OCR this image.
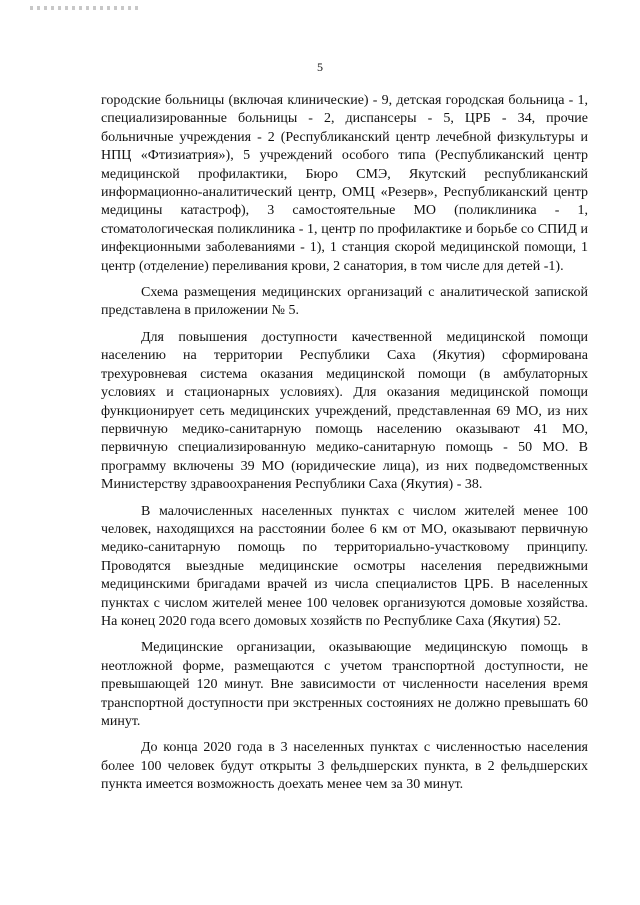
5

городские больницы (включая клинические) - 9, детская городская больница - 1, специализированные больницы - 2, диспансеры - 5, ЦРБ - 34, прочие больничные учреждения - 2 (Республиканский центр лечебной физкультуры и НПЦ «Фтизиатрия»), 5 учреждений особого типа (Республиканский центр медицинской профилактики, Бюро СМЭ, Якутский республиканский информационно-аналитический центр, ОМЦ «Резерв», Республиканский центр медицины катастроф), 3 самостоятельные МО (поликлиника - 1, стоматологическая поликлиника - 1, центр по профилактике и борьбе со СПИД и инфекционными заболеваниями - 1), 1 станция скорой медицинской помощи, 1 центр (отделение) переливания крови, 2 санатория, в том числе для детей -1).

Схема размещения медицинских организаций с аналитической запиской представлена в приложении № 5.

Для повышения доступности качественной медицинской помощи населению на территории Республики Саха (Якутия) сформирована трехуровневая система оказания медицинской помощи (в амбулаторных условиях и стационарных условиях). Для оказания медицинской помощи функционирует сеть медицинских учреждений, представленная 69 МО, из них первичную медико-санитарную помощь населению оказывают 41 МО, первичную специализированную медико-санитарную помощь - 50 МО. В программу включены 39 МО (юридические лица), из них подведомственных Министерству здравоохранения Республики Саха (Якутия) - 38.

В малочисленных населенных пунктах с числом жителей менее 100 человек, находящихся на расстоянии более 6 км от МО, оказывают первичную медико-санитарную помощь по территориально-участковому принципу. Проводятся выездные медицинские осмотры населения передвижными медицинскими бригадами врачей из числа специалистов ЦРБ. В населенных пунктах с числом жителей менее 100 человек организуются домовые хозяйства. На конец 2020 года всего домовых хозяйств по Республике Саха (Якутия) 52.

Медицинские организации, оказывающие медицинскую помощь в неотложной форме, размещаются с учетом транспортной доступности, не превышающей 120 минут. Вне зависимости от численности населения время транспортной доступности при экстренных состояниях не должно превышать 60 минут.

До конца 2020 года в 3 населенных пунктах с численностью населения более 100 человек будут открыты 3 фельдшерских пункта, в 2 фельдшерских пункта имеется возможность доехать менее чем за 30 минут.
